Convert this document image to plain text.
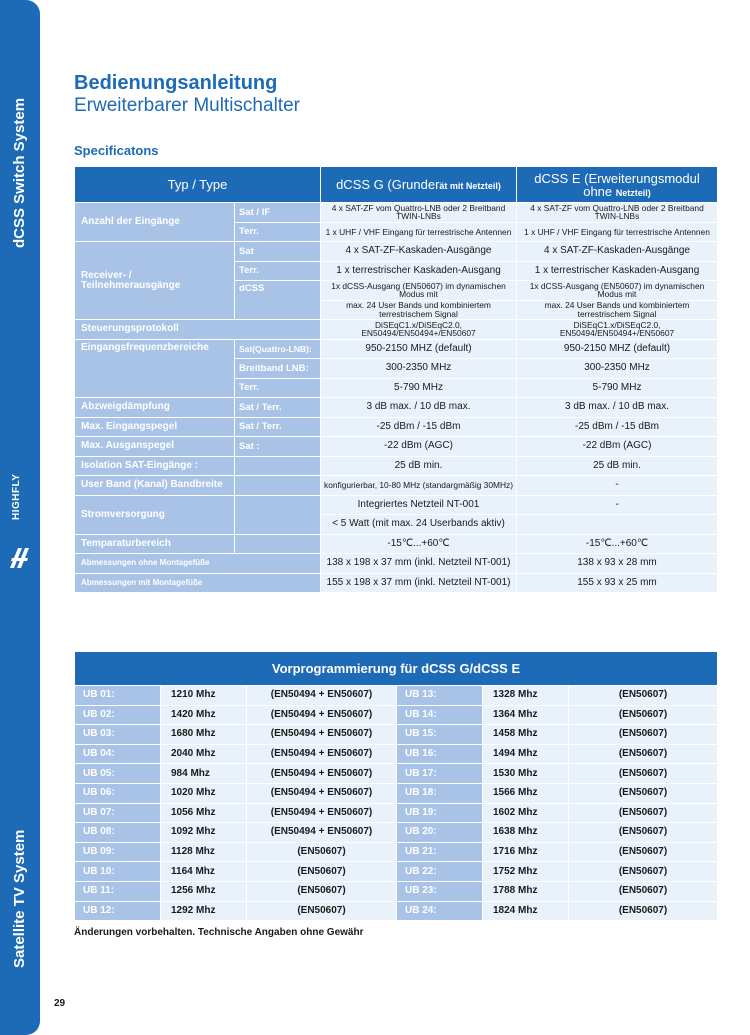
dCSS Switch System
HIGHFLY
Satellite TV System
Bedienungsanleitung
Erweiterbarer Multischalter
Specificatons
Typ / Type		dCSS G (Grunderät mit Netzteil)	dCSS E (Erweiterungsmodul ohne Netzteil)
Anzahl der Eingänge	Sat / IF	4 x SAT-ZF vom Quattro-LNB oder 2 Breitband TWIN-LNBs	4 x SAT-ZF vom Quattro-LNB oder 2 Breitband TWIN-LNBs
	Terr.	1 x UHF / VHF Eingang für terrestrische Antennen	1 x UHF / VHF Eingang für terrestrische Antennen
Receiver- / Teilnehmerausgänge	Sat	4 x SAT-ZF-Kaskaden-Ausgänge	4 x SAT-ZF-Kaskaden-Ausgänge
	Terr.	1 x terrestrischer Kaskaden-Ausgang	1 x terrestrischer Kaskaden-Ausgang
	dCSS	1x dCSS-Ausgang (EN50607) im dynamischen Modus mit	1x dCSS-Ausgang (EN50607) im dynamischen Modus mit
		max. 24 User Bands und kombiniertem terrestrischem Signal	max. 24 User Bands und kombiniertem terrestrischem Signal
Steuerungsprotokoll		DiSEqC1.x/DiSEqC2.0, EN50494/EN50494+/EN50607	DiSEqC1.x/DiSEqC2.0, EN50494/EN50494+/EN50607
Eingangsfrequenzbereiche	Sat(Quattro-LNB):	950-2150 MHZ (default)	950-2150 MHZ (default)
	Breitband LNB:	300-2350 MHz	300-2350 MHz
	Terr.	5-790 MHz	5-790 MHz
Abzweigdämpfung	Sat / Terr.	3 dB max. / 10 dB max.	3 dB max. / 10 dB max.
Max. Eingangspegel	Sat / Terr.	-25 dBm / -15 dBm	-25 dBm / -15 dBm
Max. Ausganspegel	Sat :	-22 dBm (AGC)	-22 dBm (AGC)
Isolation SAT-Eingänge :		25 dB min.	25 dB min.
User Band (Kanal) Bandbreite		konfigurierbar, 10-80 MHz (standargmäßig 30MHz)	-
Stromversorgung		Integriertes Netzteil NT-001	-
		< 5 Watt (mit max. 24 Userbands aktiv)	
Temparaturbereich		-15℃...+60℃	-15℃...+60℃
Abmessungen ohne Montagefüße		138 x 198 x 37 mm (inkl. Netzteil NT-001)	138 x 93 x 28 mm
Abmessungen mit Montagefüße		155 x 198 x 37 mm (inkl. Netzteil NT-001)	155 x 93 x 25 mm
Vorprogrammierung für dCSS G/dCSS E					
UB 01:	1210 Mhz	(EN50494 + EN50607)	UB 13:	1328 Mhz	(EN50607)
UB 02:	1420 Mhz	(EN50494 + EN50607)	UB 14:	1364 Mhz	(EN50607)
UB 03:	1680 Mhz	(EN50494 + EN50607)	UB 15:	1458 Mhz	(EN50607)
UB 04:	2040 Mhz	(EN50494 + EN50607)	UB 16:	1494 Mhz	(EN50607)
UB 05:	984 Mhz	(EN50494 + EN50607)	UB 17:	1530 Mhz	(EN50607)
UB 06:	1020 Mhz	(EN50494 + EN50607)	UB 18:	1566 Mhz	(EN50607)
UB 07:	1056 Mhz	(EN50494 + EN50607)	UB 19:	1602 Mhz	(EN50607)
UB 08:	1092 Mhz	(EN50494 + EN50607)	UB 20:	1638 Mhz	(EN50607)
UB 09:	1128 Mhz	(EN50607)	UB 21:	1716 Mhz	(EN50607)
UB 10:	1164 Mhz	(EN50607)	UB 22:	1752 Mhz	(EN50607)
UB 11:	1256 Mhz	(EN50607)	UB 23:	1788 Mhz	(EN50607)
UB 12:	1292 Mhz	(EN50607)	UB 24:	1824 Mhz	(EN50607)
Änderungen vorbehalten. Technische Angaben ohne Gewähr
29
